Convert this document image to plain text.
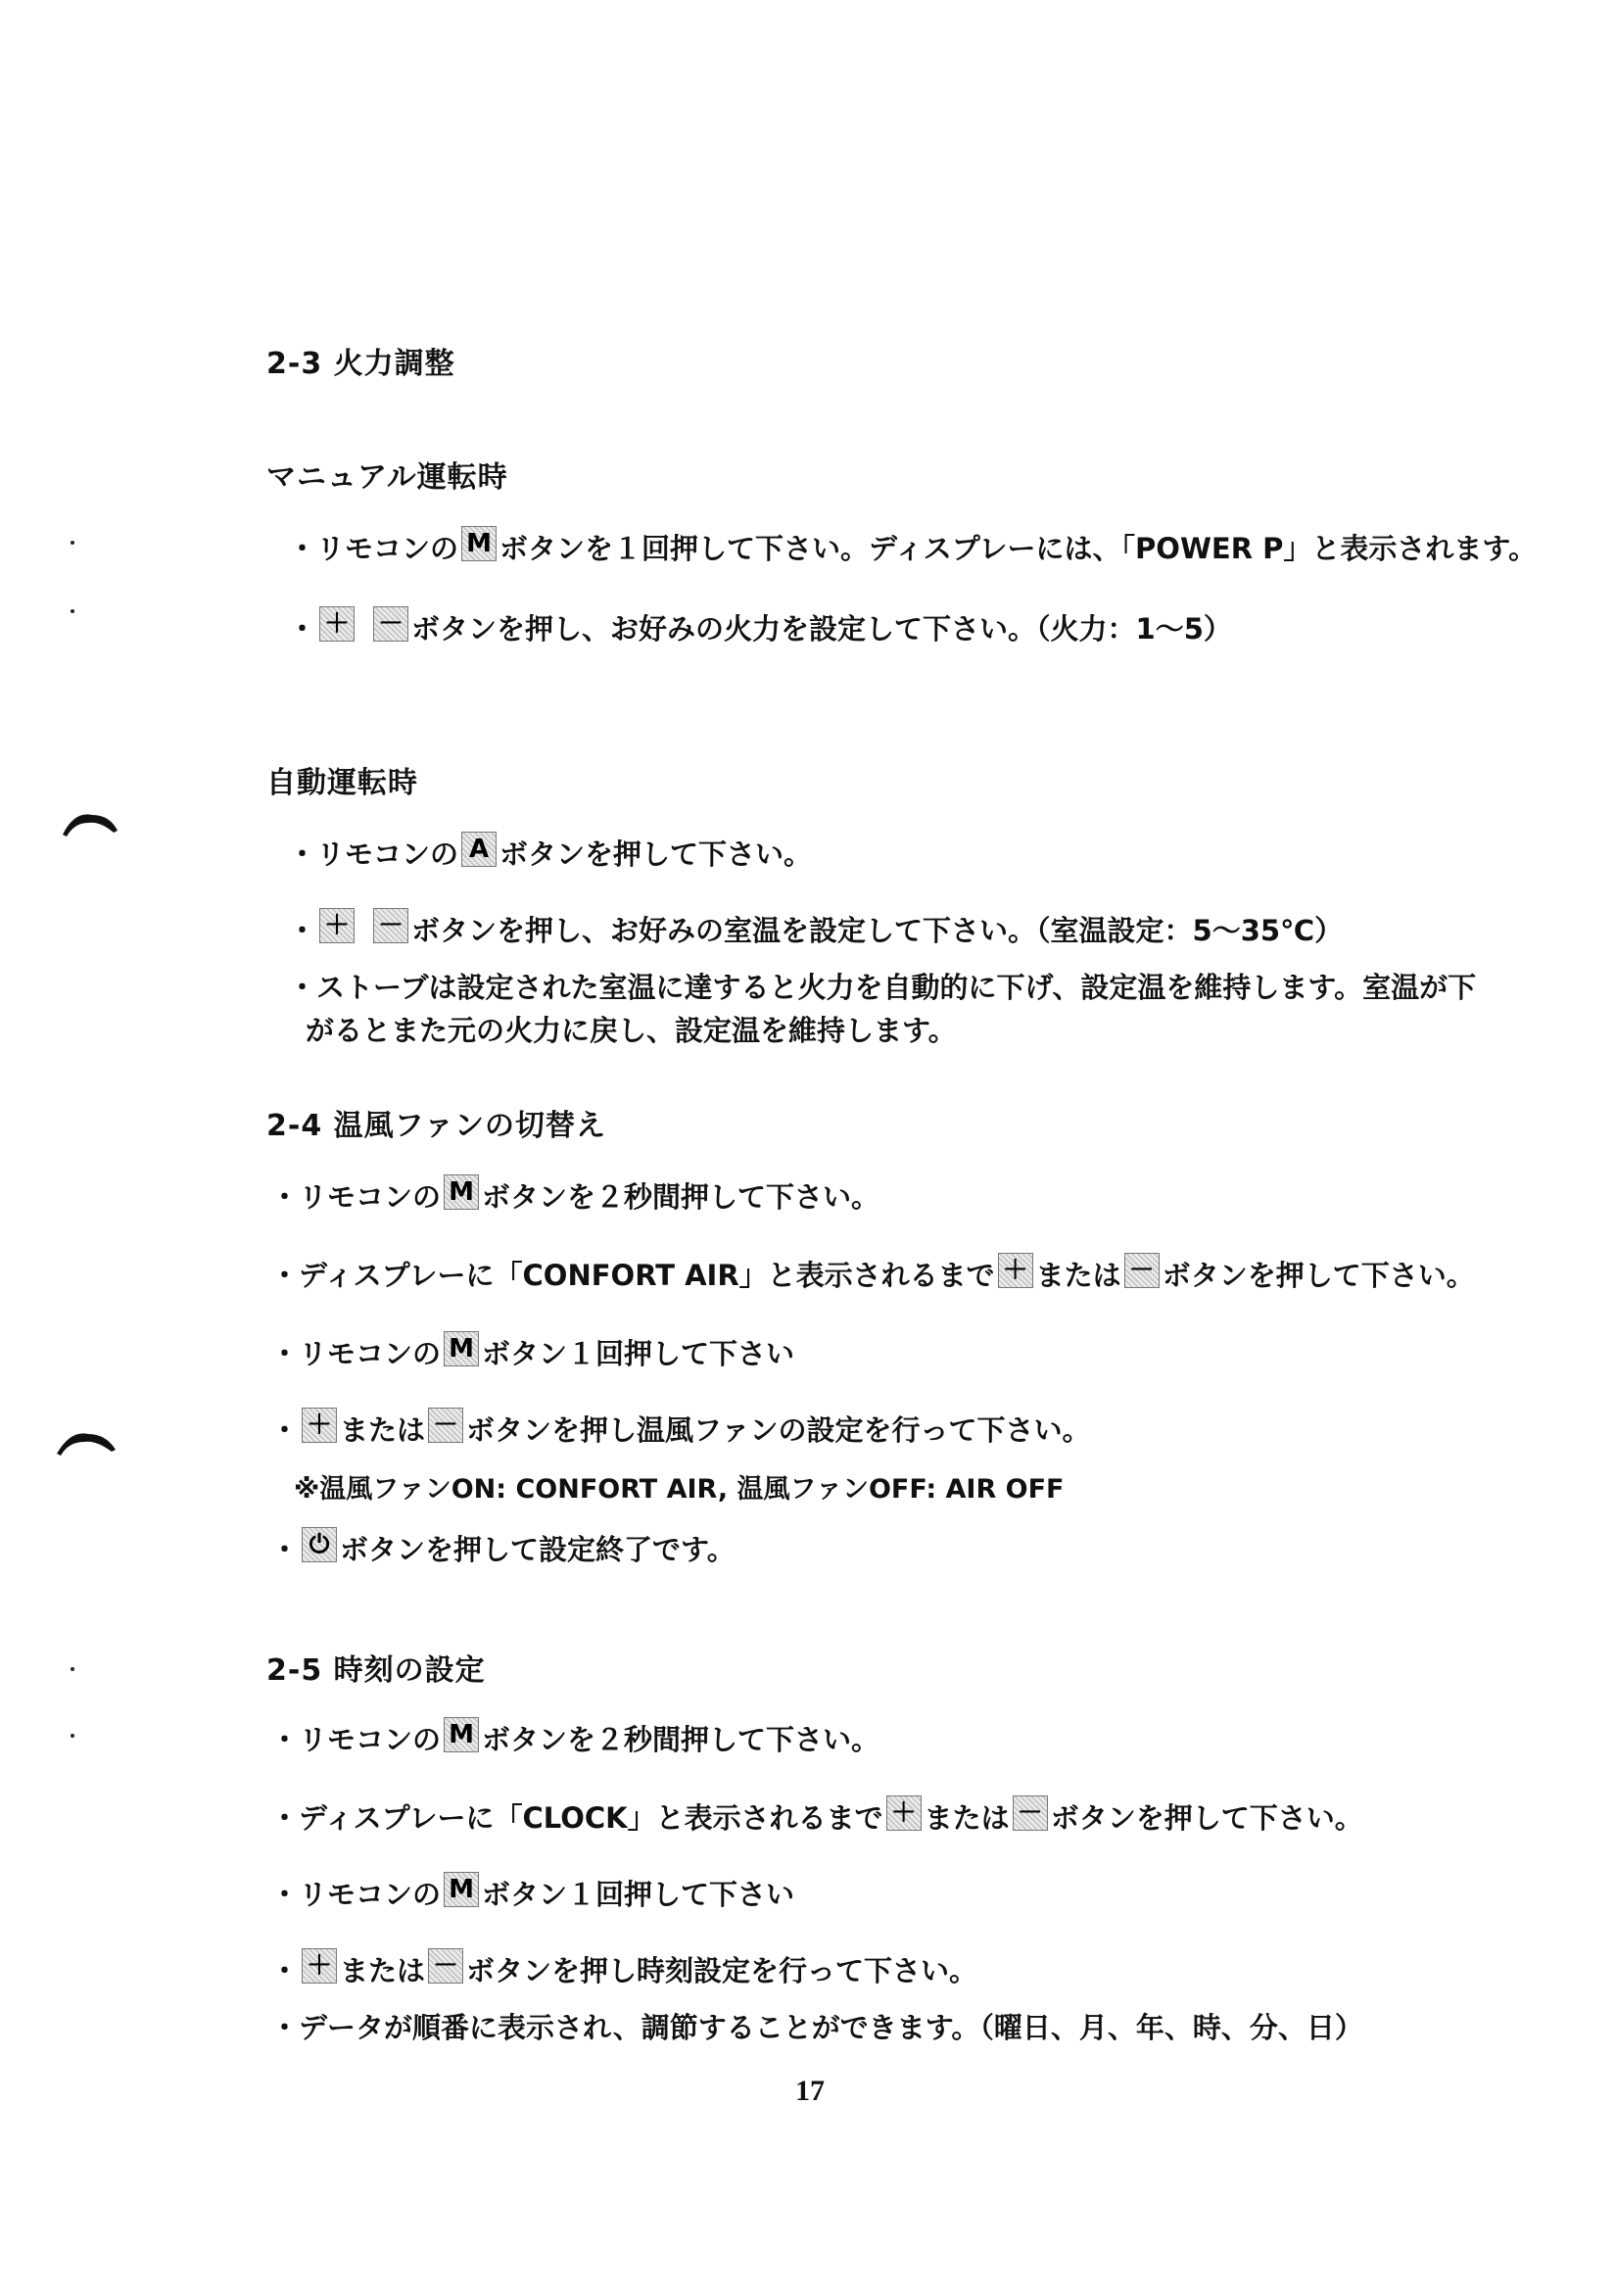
2-3 火力調整
マニュアル運転時
・リモコンの M ボタンを１回押して下さい。ディスプレーには、「POWER P」と表示されます。
・ ＋ － ボタンを押し、お好みの火力を設定して下さい。（火力：1～5）
自動運転時
・リモコンの A ボタンを押して下さい。
・ ＋ － ボタンを押し、お好みの室温を設定して下さい。（室温設定：5～35℃）
・ストーブは設定された室温に達すると火力を自動的に下げ、設定温を維持します。室温が下
がるとまた元の火力に戻し、設定温を維持します。
2-4 温風ファンの切替え
・リモコンの M ボタンを２秒間押して下さい。
・ディスプレーに「CONFORT AIR」と表示されるまで ＋ または － ボタンを押して下さい。
・リモコンの M ボタン１回押して下さい
・ ＋ または － ボタンを押し温風ファンの設定を行って下さい。
※温風ファンON: CONFORT AIR, 温風ファンOFF: AIR OFF
・ ⏻ ボタンを押して設定終了です。
2-5 時刻の設定
・リモコンの M ボタンを２秒間押して下さい。
・ディスプレーに「CLOCK」と表示されるまで ＋ または － ボタンを押して下さい。
・リモコンの M ボタン１回押して下さい
・ ＋ または － ボタンを押し時刻設定を行って下さい。
・データが順番に表示され、調節することができます。（曜日、月、年、時、分、日）
17
